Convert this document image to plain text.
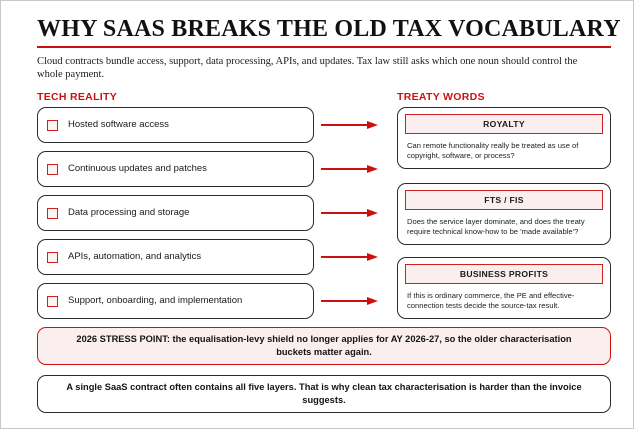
WHY SAAS BREAKS THE OLD TAX VOCABULARY
Cloud contracts bundle access, support, data processing, APIs, and updates. Tax law still asks which one noun should control the whole payment.
TECH REALITY	TREATY WORDS
Hosted software access
Continuous updates and patches
Data processing and storage
APIs, automation, and analytics
Support, onboarding, and implementation
ROYALTY
Can remote functionality really be treated as use of copyright, software, or process?
FTS / FIS
Does the service layer dominate, and does the treaty require technical know-how to be 'made available'?
BUSINESS PROFITS
If this is ordinary commerce, the PE and effective-connection tests decide the source-tax result.
2026 STRESS POINT: the equalisation-levy shield no longer applies for AY 2026-27, so the older characterisation buckets matter again.
A single SaaS contract often contains all five layers. That is why clean tax characterisation is harder than the invoice suggests.
